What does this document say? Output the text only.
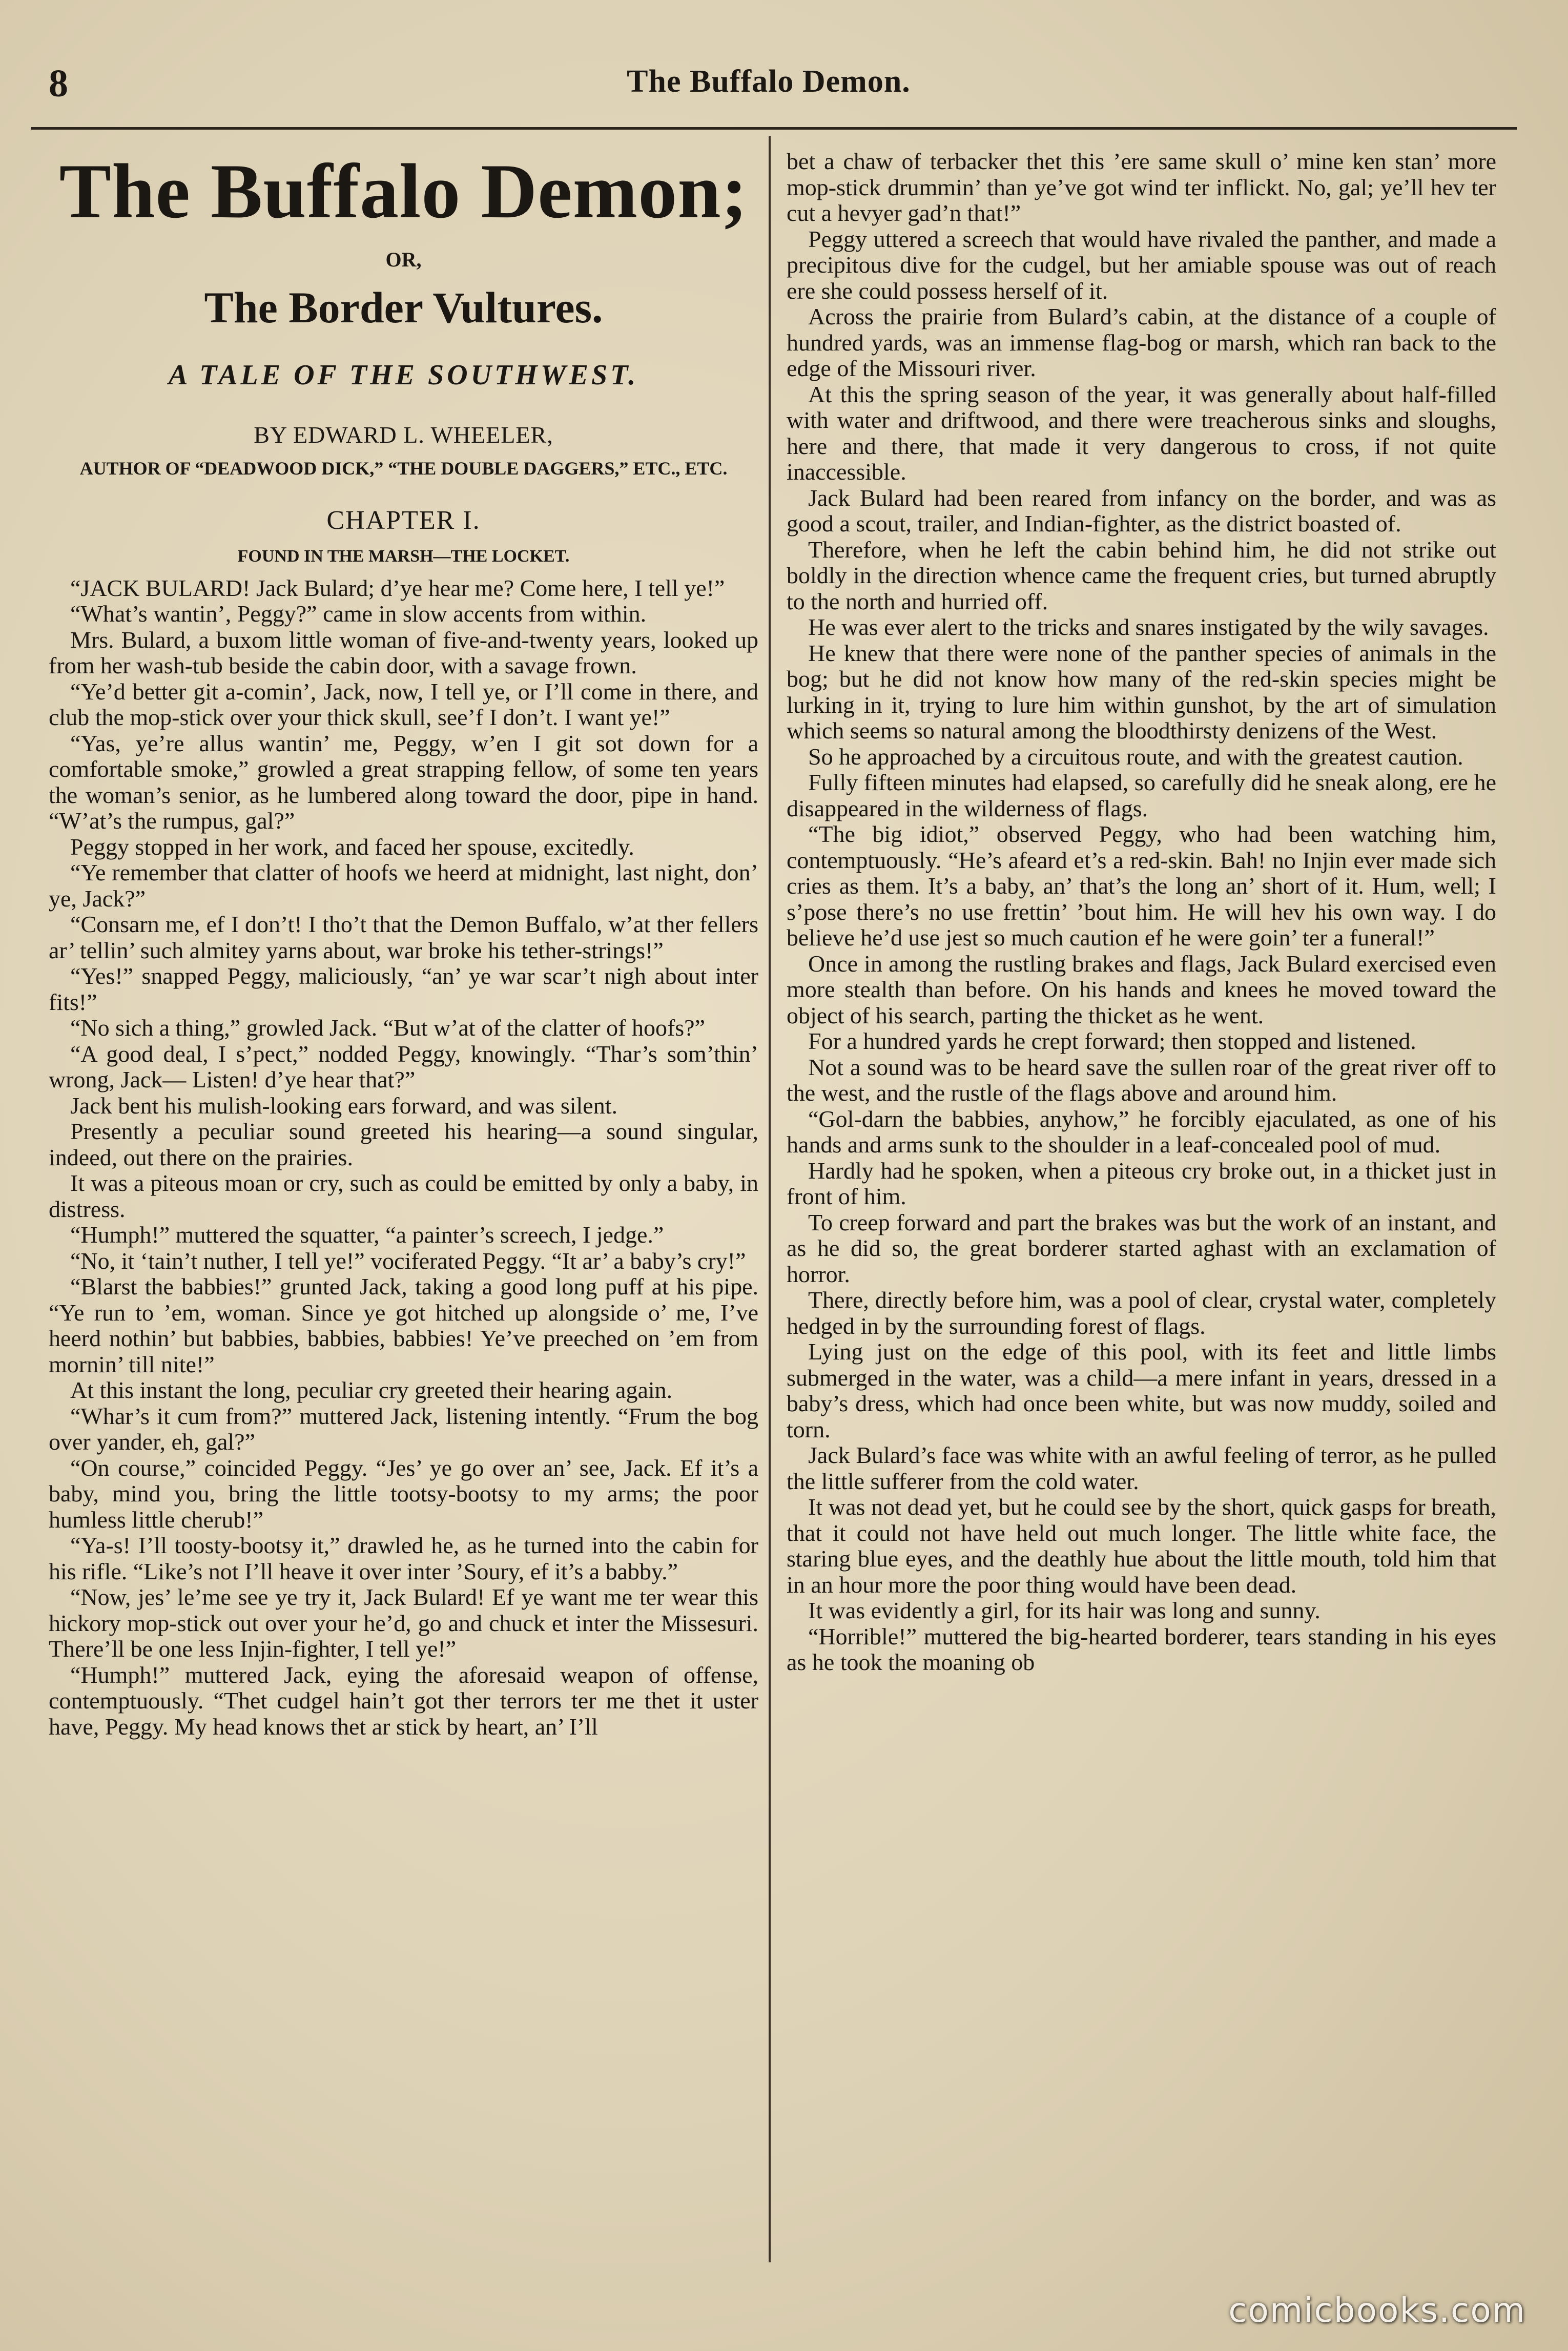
8	The Buffalo Demon.
The Buffalo Demon;
OR,
The Border Vultures.
A TALE OF THE SOUTHWEST.
BY EDWARD L. WHEELER,
AUTHOR OF “DEADWOOD DICK,” “THE DOUBLE DAGGERS,” ETC., ETC.
CHAPTER I.
FOUND IN THE MARSH—THE LOCKET.

“JACK BULARD! Jack Bulard; d’ye hear me? Come here, I tell ye!”

“What’s wantin’, Peggy?” came in slow accents from within.

Mrs. Bulard, a buxom little woman of five-and-twenty years, looked up from her wash-tub beside the cabin door, with a savage frown.

“Ye’d better git a-comin’, Jack, now, I tell ye, or I’ll come in there, and club the mop-stick over your thick skull, see’f I don’t. I want ye!”

“Yas, ye’re allus wantin’ me, Peggy, w’en I git sot down for a comfortable smoke,” growled a great strapping fellow, of some ten years the woman’s senior, as he lumbered along toward the door, pipe in hand. “W’at’s the rumpus, gal?”

Peggy stopped in her work, and faced her spouse, excitedly.

“Ye remember that clatter of hoofs we heerd at midnight, last night, don’ ye, Jack?”

“Consarn me, ef I don’t! I tho’t that the Demon Buffalo, w’at ther fellers ar’ tellin’ such almitey yarns about, war broke his tether-strings!”

“Yes!” snapped Peggy, maliciously, “an’ ye war scar’t nigh about inter fits!”

“No sich a thing,” growled Jack. “But w’at of the clatter of hoofs?”

“A good deal, I s’pect,” nodded Peggy, knowingly. “Thar’s som’thin’ wrong, Jack— Listen! d’ye hear that?”

Jack bent his mulish-looking ears forward, and was silent.

Presently a peculiar sound greeted his hearing—a sound singular, indeed, out there on the prairies.

It was a piteous moan or cry, such as could be emitted by only a baby, in distress.

“Humph!” muttered the squatter, “a painter’s screech, I jedge.”

“No, it ‘tain’t nuther, I tell ye!” vociferated Peggy. “It ar’ a baby’s cry!”

“Blarst the babbies!” grunted Jack, taking a good long puff at his pipe. “Ye run to ’em, woman. Since ye got hitched up alongside o’ me, I’ve heerd nothin’ but babbies, babbies, babbies! Ye’ve preeched on ’em from mornin’ till nite!”

At this instant the long, peculiar cry greeted their hearing again.

“Whar’s it cum from?” muttered Jack, listening intently. “Frum the bog over yander, eh, gal?”

“On course,” coincided Peggy. “Jes’ ye go over an’ see, Jack. Ef it’s a baby, mind you, bring the little tootsy-bootsy to my arms; the poor humless little cherub!”

“Ya-s! I’ll toosty-bootsy it,” drawled he, as he turned into the cabin for his rifle. “Like’s not I’ll heave it over inter ’Soury, ef it’s a babby.”

“Now, jes’ le’me see ye try it, Jack Bulard! Ef ye want me ter wear this hickory mop-stick out over your he’d, go and chuck et inter the Missesuri. There’ll be one less Injin-fighter, I tell ye!”

“Humph!” muttered Jack, eying the aforesaid weapon of offense, contemptuously. “Thet cudgel hain’t got ther terrors ter me thet it uster have, Peggy. My head knows thet ar stick by heart, an’ I’ll

bet a chaw of terbacker thet this ’ere same skull o’ mine ken stan’ more mop-stick drummin’ than ye’ve got wind ter inflickt. No, gal; ye’ll hev ter cut a hevyer gad’n that!”

Peggy uttered a screech that would have rivaled the panther, and made a precipitous dive for the cudgel, but her amiable spouse was out of reach ere she could possess herself of it.

Across the prairie from Bulard’s cabin, at the distance of a couple of hundred yards, was an immense flag-bog or marsh, which ran back to the edge of the Missouri river.

At this the spring season of the year, it was generally about half-filled with water and driftwood, and there were treacherous sinks and sloughs, here and there, that made it very dangerous to cross, if not quite inaccessible.

Jack Bulard had been reared from infancy on the border, and was as good a scout, trailer, and Indian-fighter, as the district boasted of.

Therefore, when he left the cabin behind him, he did not strike out boldly in the direction whence came the frequent cries, but turned abruptly to the north and hurried off.

He was ever alert to the tricks and snares instigated by the wily savages.

He knew that there were none of the panther species of animals in the bog; but he did not know how many of the red-skin species might be lurking in it, trying to lure him within gunshot, by the art of simulation which seems so natural among the bloodthirsty denizens of the West.

So he approached by a circuitous route, and with the greatest caution.

Fully fifteen minutes had elapsed, so carefully did he sneak along, ere he disappeared in the wilderness of flags.

“The big idiot,” observed Peggy, who had been watching him, contemptuously. “He’s afeard et’s a red-skin. Bah! no Injin ever made sich cries as them. It’s a baby, an’ that’s the long an’ short of it. Hum, well; I s’pose there’s no use frettin’ ’bout him. He will hev his own way. I do believe he’d use jest so much caution ef he were goin’ ter a funeral!”

Once in among the rustling brakes and flags, Jack Bulard exercised even more stealth than before. On his hands and knees he moved toward the object of his search, parting the thicket as he went.

For a hundred yards he crept forward; then stopped and listened.

Not a sound was to be heard save the sullen roar of the great river off to the west, and the rustle of the flags above and around him.

“Gol-darn the babbies, anyhow,” he forcibly ejaculated, as one of his hands and arms sunk to the shoulder in a leaf-concealed pool of mud.

Hardly had he spoken, when a piteous cry broke out, in a thicket just in front of him.

To creep forward and part the brakes was but the work of an instant, and as he did so, the great borderer started aghast with an exclamation of horror.

There, directly before him, was a pool of clear, crystal water, completely hedged in by the surrounding forest of flags.

Lying just on the edge of this pool, with its feet and little limbs submerged in the water, was a child—a mere infant in years, dressed in a baby’s dress, which had once been white, but was now muddy, soiled and torn.

Jack Bulard’s face was white with an awful feeling of terror, as he pulled the little sufferer from the cold water.

It was not dead yet, but he could see by the short, quick gasps for breath, that it could not have held out much longer. The little white face, the staring blue eyes, and the deathly hue about the little mouth, told him that in an hour more the poor thing would have been dead.

It was evidently a girl, for its hair was long and sunny.

“Horrible!” muttered the big-hearted borderer, tears standing in his eyes as he took the moaning ob

comicbooks.com
